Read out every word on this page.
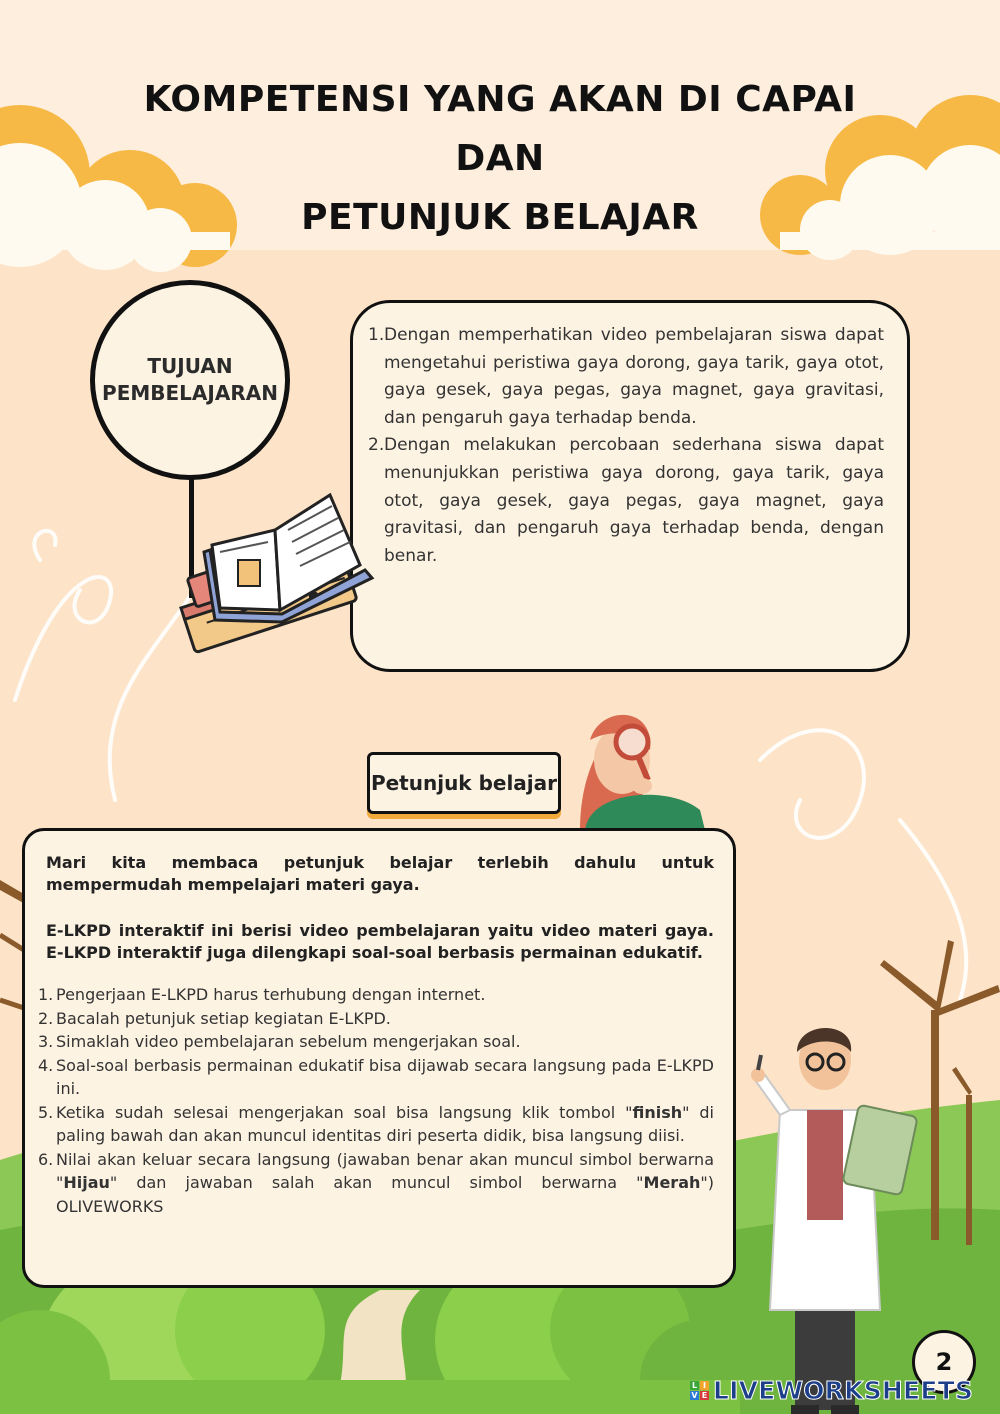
KOMPETENSI YANG AKAN DI CAPAI
DAN
PETUNJUK BELAJAR
TUJUAN
PEMBELAJARAN
1. Dengan memperhatikan video pembelajaran siswa dapat mengetahui peristiwa gaya dorong, gaya tarik, gaya otot, gaya gesek, gaya pegas, gaya magnet, gaya gravitasi, dan pengaruh gaya terhadap benda.
2. Dengan melakukan percobaan sederhana siswa dapat menunjukkan peristiwa gaya dorong, gaya tarik, gaya otot, gaya gesek, gaya pegas, gaya magnet, gaya gravitasi, dan pengaruh gaya terhadap benda, dengan benar.
Petunjuk belajar

Mari kita membaca petunjuk belajar terlebih dahulu untuk mempermudah mempelajari materi gaya.

E-LKPD interaktif ini berisi video pembelajaran yaitu video materi gaya. E-LKPD interaktif juga dilengkapi soal-soal berbasis permainan edukatif.

1. Pengerjaan E-LKPD harus terhubung dengan internet.
2. Bacalah petunjuk setiap kegiatan E-LKPD.
3. Simaklah video pembelajaran sebelum mengerjakan soal.
4. Soal-soal berbasis permainan edukatif bisa dijawab secara langsung pada E-LKPD ini.
5. Ketika sudah selesai mengerjakan soal bisa langsung klik tombol "finish" di paling bawah dan akan muncul identitas diri peserta didik, bisa langsung diisi.
6. Nilai akan keluar secara langsung (jawaban benar akan muncul simbol berwarna "Hijau" dan jawaban salah akan muncul simbol berwarna "Merah") OLIVEWORKS
2
L I
V E LIVEWORKSHEETS
